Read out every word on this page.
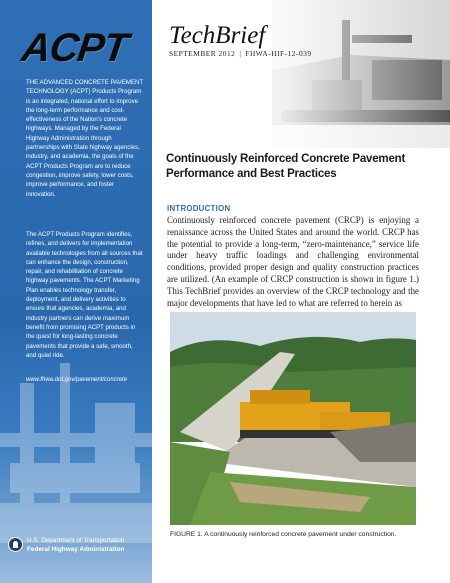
ACPT

THE ADVANCED CONCRETE PAVEMENT TECHNOLOGY (ACPT) Products Program is an integrated, national effort to improve the long-term performance and cost-effectiveness of the Nation's concrete highways. Managed by the Federal Highway Administration through partnerships with State highway agencies, industry, and academia, the goals of the ACPT Products Program are to reduce congestion, improve safety, lower costs, improve performance, and foster innovation.

The ACPT Products Program identifies, refines, and delivers for implementation available technologies from all sources that can enhance the design, construction, repair, and rehabilitation of concrete highway pavements. The ACPT Marketing Plan enables technology transfer, deployment, and delivery activities to ensure that agencies, academia, and industry partners can derive maximum benefit from promising ACPT products in the quest for long-lasting concrete pavements that provide a safe, smooth, and quiet ride.

www.fhwa.dot.gov/pavement/concrete
U.S. Department of Transportation
Federal Highway Administration
TechBrief
SEPTEMBER 2012 | FHWA-HIF-12-039
Continuously Reinforced Concrete Pavement Performance and Best Practices
INTRODUCTION

Continuously reinforced concrete pavement (CRCP) is enjoying a renaissance across the United States and around the world. CRCP has the potential to provide a long-term, “zero-maintenance,” service life under heavy traffic loadings and challenging environmental conditions, provided proper design and quality construction practices are utilized. (An example of CRCP construction is shown in figure 1.) This TechBrief provides an overview of the CRCP technology and the major developments that have led to what are referred to herein as

FIGURE 1. A continuously reinforced concrete pavement under construction.
